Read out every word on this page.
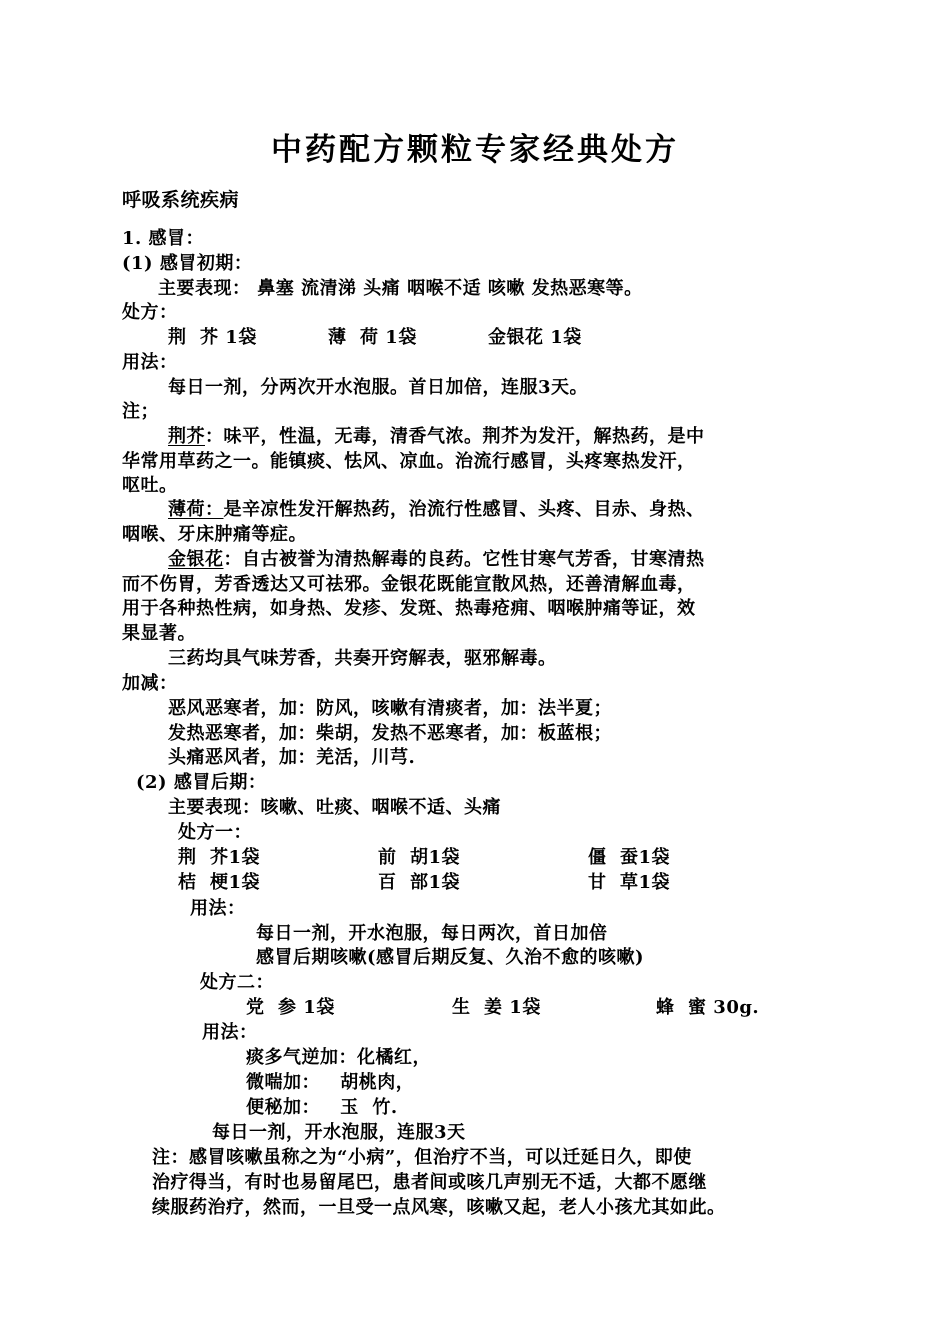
中药配方颗粒专家经典处方
呼吸系统疾病
1. 感冒：
(1) 感冒初期：
主要表现： 鼻塞 流清涕 头痛 咽喉不适 咳嗽 发热恶寒等。
处方：
荆  芥 1袋	薄  荷 1袋	金银花 1袋
用法：
每日一剂，分两次开水泡服。首日加倍，连服3天。
注；
荆芥：味平，性温，无毒，清香气浓。荆芥为发汗，解热药，是中
华常用草药之一。能镇痰、怯风、凉血。治流行感冒，头疼寒热发汗，
呕吐。
薄荷：是辛凉性发汗解热药，治流行性感冒、头疼、目赤、身热、
咽喉、牙床肿痛等症。
金银花：自古被誉为清热解毒的良药。它性甘寒气芳香，甘寒清热
而不伤胃，芳香透达又可祛邪。金银花既能宣散风热，还善清解血毒，
用于各种热性病，如身热、发疹、发斑、热毒疮痈、咽喉肿痛等证，效
果显著。
三药均具气味芳香，共奏开窍解表，驱邪解毒。
加减：
恶风恶寒者，加：防风，咳嗽有清痰者，加：法半夏；
发热恶寒者，加：柴胡，发热不恶寒者，加：板蓝根；
头痛恶风者，加：羌活，川芎.
(2) 感冒后期：
主要表现：咳嗽、吐痰、咽喉不适、头痛
处方一：
荆  芥1袋	前  胡1袋	僵  蚕1袋
桔  梗1袋	百  部1袋	甘  草1袋
用法：
每日一剂，开水泡服，每日两次，首日加倍
感冒后期咳嗽(感冒后期反复、久治不愈的咳嗽)
处方二：
党  参 1袋	生  姜 1袋	蜂  蜜 30g.
用法：
痰多气逆加：化橘红，
微喘加：   胡桃肉，
便秘加：   玉  竹.
每日一剂，开水泡服，连服3天
注：感冒咳嗽虽称之为“小病”，但治疗不当，可以迁延日久，即使
治疗得当，有时也易留尾巴，患者间或咳几声别无不适，大都不愿继
续服药治疗，然而，一旦受一点风寒，咳嗽又起，老人小孩尤其如此。
